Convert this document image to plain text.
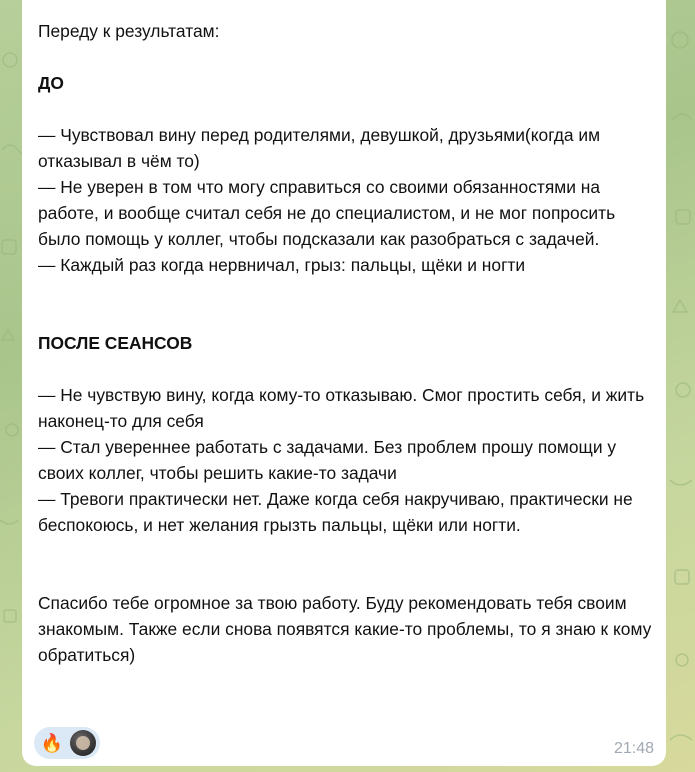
Переду к результатам:

ДО

— Чувствовал вину перед родителями, девушкой, друзьями(когда им отказывал в чём то)

— Не уверен в том что могу справиться со своими обязанностями на работе, и вообще считал себя не до специалистом, и не мог попросить было помощь у коллег, чтобы подсказали как разобраться с задачей.

— Каждый раз когда нервничал, грыз: пальцы, щёки и ногти

ПОСЛЕ СЕАНСОВ

— Не чувствую вину, когда кому-то отказываю. Смог простить себя, и жить наконец-то для себя

— Стал увереннее работать с задачами. Без проблем прошу помощи у своих коллег, чтобы решить какие-то задачи

— Тревоги практически нет. Даже когда себя накручиваю, практически не беспокоюсь, и нет желания грызть пальцы, щёки или ногти.

Спасибо тебе огромное за твою работу. Буду рекомендовать тебя своим знакомым. Также если снова появятся какие-то проблемы, то я знаю к кому обратиться)

🔥	21:48
